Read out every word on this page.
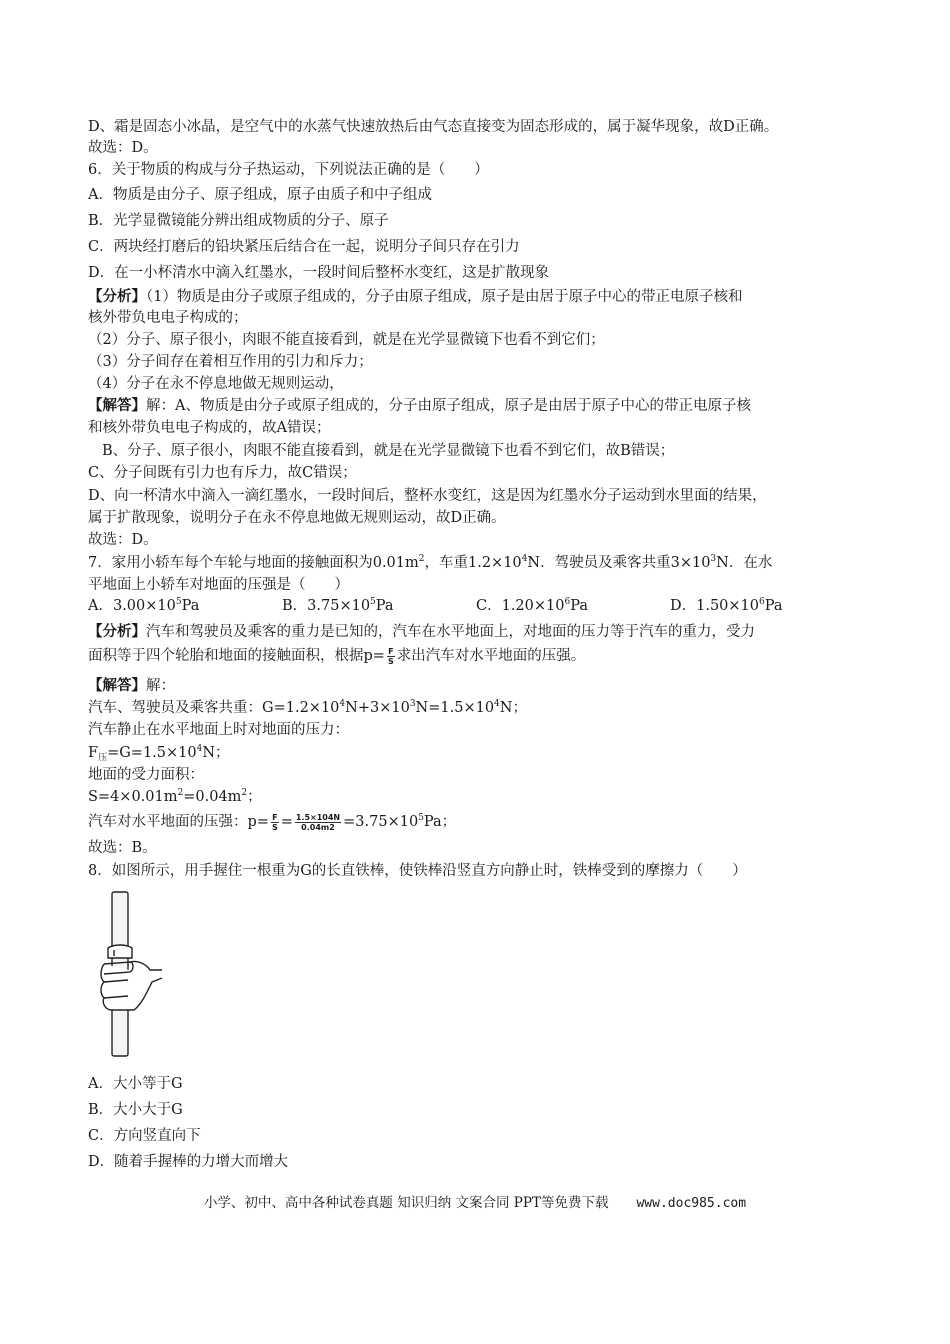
D、霜是固态小冰晶，是空气中的水蒸气快速放热后由气态直接变为固态形成的，属于凝华现象，故D正确。
故选：D。
6．关于物质的构成与分子热运动，下列说法正确的是（　　）
A．物质是由分子、原子组成，原子由质子和中子组成
B．光学显微镜能分辨出组成物质的分子、原子
C．两块经打磨后的铅块紧压后结合在一起，说明分子间只存在引力
D．在一小杯清水中滴入红墨水，一段时间后整杯水变红，这是扩散现象
【分析】（1）物质是由分子或原子组成的，分子由原子组成，原子是由居于原子中心的带正电原子核和
核外带负电电子构成的；
（2）分子、原子很小，肉眼不能直接看到，就是在光学显微镜下也看不到它们；
（3）分子间存在着相互作用的引力和斥力；
（4）分子在永不停息地做无规则运动，
【解答】解：A、物质是由分子或原子组成的，分子由原子组成，原子是由居于原子中心的带正电原子核
和核外带负电电子构成的，故A错误；
B、分子、原子很小，肉眼不能直接看到，就是在光学显微镜下也看不到它们，故B错误；
C、分子间既有引力也有斥力，故C错误；
D、向一杯清水中滴入一滴红墨水，一段时间后，整杯水变红，这是因为红墨水分子运动到水里面的结果，
属于扩散现象，说明分子在永不停息地做无规则运动，故D正确。
故选：D。
7．家用小轿车每个车轮与地面的接触面积为$0.01m^2$，车重$1.2\times 10^4N$．驾驶员及乘客共重$3\times 10^3N$．在水
平地面上小轿车对地面的压强是（　　）
A．$3.00\times 10^5Pa$	B．$3.75\times 10^5Pa$	C．$1.20\times 10^6Pa$	D．$1.50\times 10^6Pa$
【分析】汽车和驾驶员及乘客的重力是已知的，汽车在水平地面上，对地面的压力等于汽车的重力，受力
面积等于四个轮胎和地面的接触面积，根据$p= \frac{F}{S}$ 求出汽车对水平地面的压强。
【解答】解：
汽车、驾驶员及乘客共重：$G=1.2\times 10^4N+3\times 10^3N=1.5\times 10^4N$；
汽车静止在水平地面上时对地面的压力：
$F_压=G=1.5\times 10^4N$；
地面的受力面积：
$S=4\times 0.01m^2=0.04m^2$；
汽车对水平地面的压强：$p= \frac{F}{S} = \frac{1.5\times 104N}{0.04m2} =3.75\times 10^5Pa$；
故选：B。
8．如图所示，用手握住一根重为G的长直铁棒，使铁棒沿竖直方向静止时，铁棒受到的摩擦力（　　）
A．大小等于G
B．大小大于G
C．方向竖直向下
D．随着手握棒的力增大而增大
小学、初中、高中各种试卷真题 知识归纳 文案合同 PPT等免费下载 www.doc985.com
